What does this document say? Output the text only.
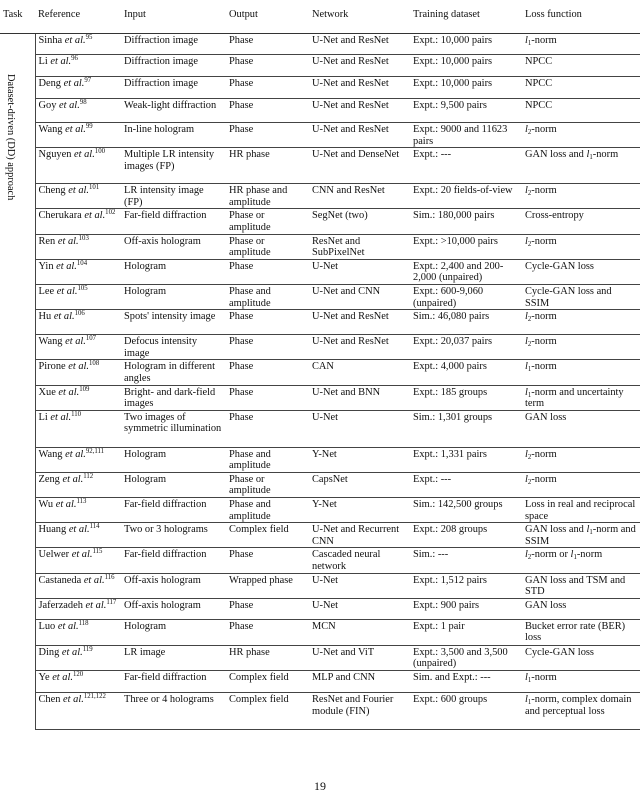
Task	Reference	Input	Output	Network	Training dataset	Loss function

Dataset-driven (DD) approach	Sinha et al.$^{95}$	Diffraction image	Phase	U-Net and ResNet	Expt.: 10,000 pairs	$l_1$-norm
	Li et al.$^{96}$	Diffraction image	Phase	U-Net and ResNet	Expt.: 10,000 pairs	NPCC
	Deng et al.$^{97}$	Diffraction image	Phase	U-Net and ResNet	Expt.: 10,000 pairs	NPCC
	Goy et al.$^{98}$	Weak-light diffraction	Phase	U-Net and ResNet	Expt.: 9,500 pairs	NPCC
	Wang et al.$^{99}$	In-line hologram	Phase	U-Net and ResNet	Expt.: 9000 and 11623 pairs	$l_2$-norm
	Nguyen et al.$^{100}$	Multiple LR intensity images (FP)	HR phase	U-Net and DenseNet	Expt.: ---	GAN loss and $l_1$-norm
	Cheng et al.$^{101}$	LR intensity image (FP)	HR phase and amplitude	CNN and ResNet	Expt.: 20 fields-of-view	$l_2$-norm
	Cherukara et al.$^{102}$	Far-field diffraction	Phase or amplitude	SegNet (two)	Sim.: 180,000 pairs	Cross-entropy
	Ren et al.$^{103}$	Off-axis hologram	Phase or amplitude	ResNet and SubPixelNet	Expt.: >10,000 pairs	$l_2$-norm
	Yin et al.$^{104}$	Hologram	Phase	U-Net	Expt.: 2,400 and 200-2,000 (unpaired)	Cycle-GAN loss
	Lee et al.$^{105}$	Hologram	Phase and amplitude	U-Net and CNN	Expt.: 600-9,060 (unpaired)	Cycle-GAN loss and SSIM
	Hu et al.$^{106}$	Spots' intensity image	Phase	U-Net and ResNet	Sim.: 46,080 pairs	$l_2$-norm
	Wang et al.$^{107}$	Defocus intensity image	Phase	U-Net and ResNet	Expt.: 20,037 pairs	$l_2$-norm
	Pirone et al.$^{108}$	Hologram in different angles	Phase	CAN	Expt.: 4,000 pairs	$l_1$-norm
	Xue et al.$^{109}$	Bright- and dark-field images	Phase	U-Net and BNN	Expt.: 185 groups	$l_1$-norm and uncertainty term
	Li et al.$^{110}$	Two images of symmetric illumination	Phase	U-Net	Sim.: 1,301 groups	GAN loss
	Wang et al.$^{92,111}$	Hologram	Phase and amplitude	Y-Net	Expt.: 1,331 pairs	$l_2$-norm
	Zeng et al.$^{112}$	Hologram	Phase or amplitude	CapsNet	Expt.: ---	$l_2$-norm
	Wu et al.$^{113}$	Far-field diffraction	Phase and amplitude	Y-Net	Sim.: 142,500 groups	Loss in real and reciprocal space
	Huang et al.$^{114}$	Two or 3 holograms	Complex field	U-Net and Recurrent CNN	Expt.: 208 groups	GAN loss and $l_1$-norm and SSIM
	Uelwer et al.$^{115}$	Far-field diffraction	Phase	Cascaded neural network	Sim.: ---	$l_2$-norm or $l_1$-norm
	Castaneda et al.$^{116}$	Off-axis hologram	Wrapped phase	U-Net	Expt.: 1,512 pairs	GAN loss and TSM and STD
	Jaferzadeh et al.$^{117}$	Off-axis hologram	Phase	U-Net	Expt.: 900 pairs	GAN loss
	Luo et al.$^{118}$	Hologram	Phase	MCN	Expt.: 1 pair	Bucket error rate (BER) loss
	Ding et al.$^{119}$	LR image	HR phase	U-Net and ViT	Expt.: 3,500 and 3,500 (unpaired)	Cycle-GAN loss
	Ye et al.$^{120}$	Far-field diffraction	Complex field	MLP and CNN	Sim. and Expt.: ---	$l_1$-norm
	Chen et al.$^{121,122}$	Three or 4 holograms	Complex field	ResNet and Fourier module (FIN)	Expt.: 600 groups	$l_1$-norm, complex domain and perceptual loss
19
